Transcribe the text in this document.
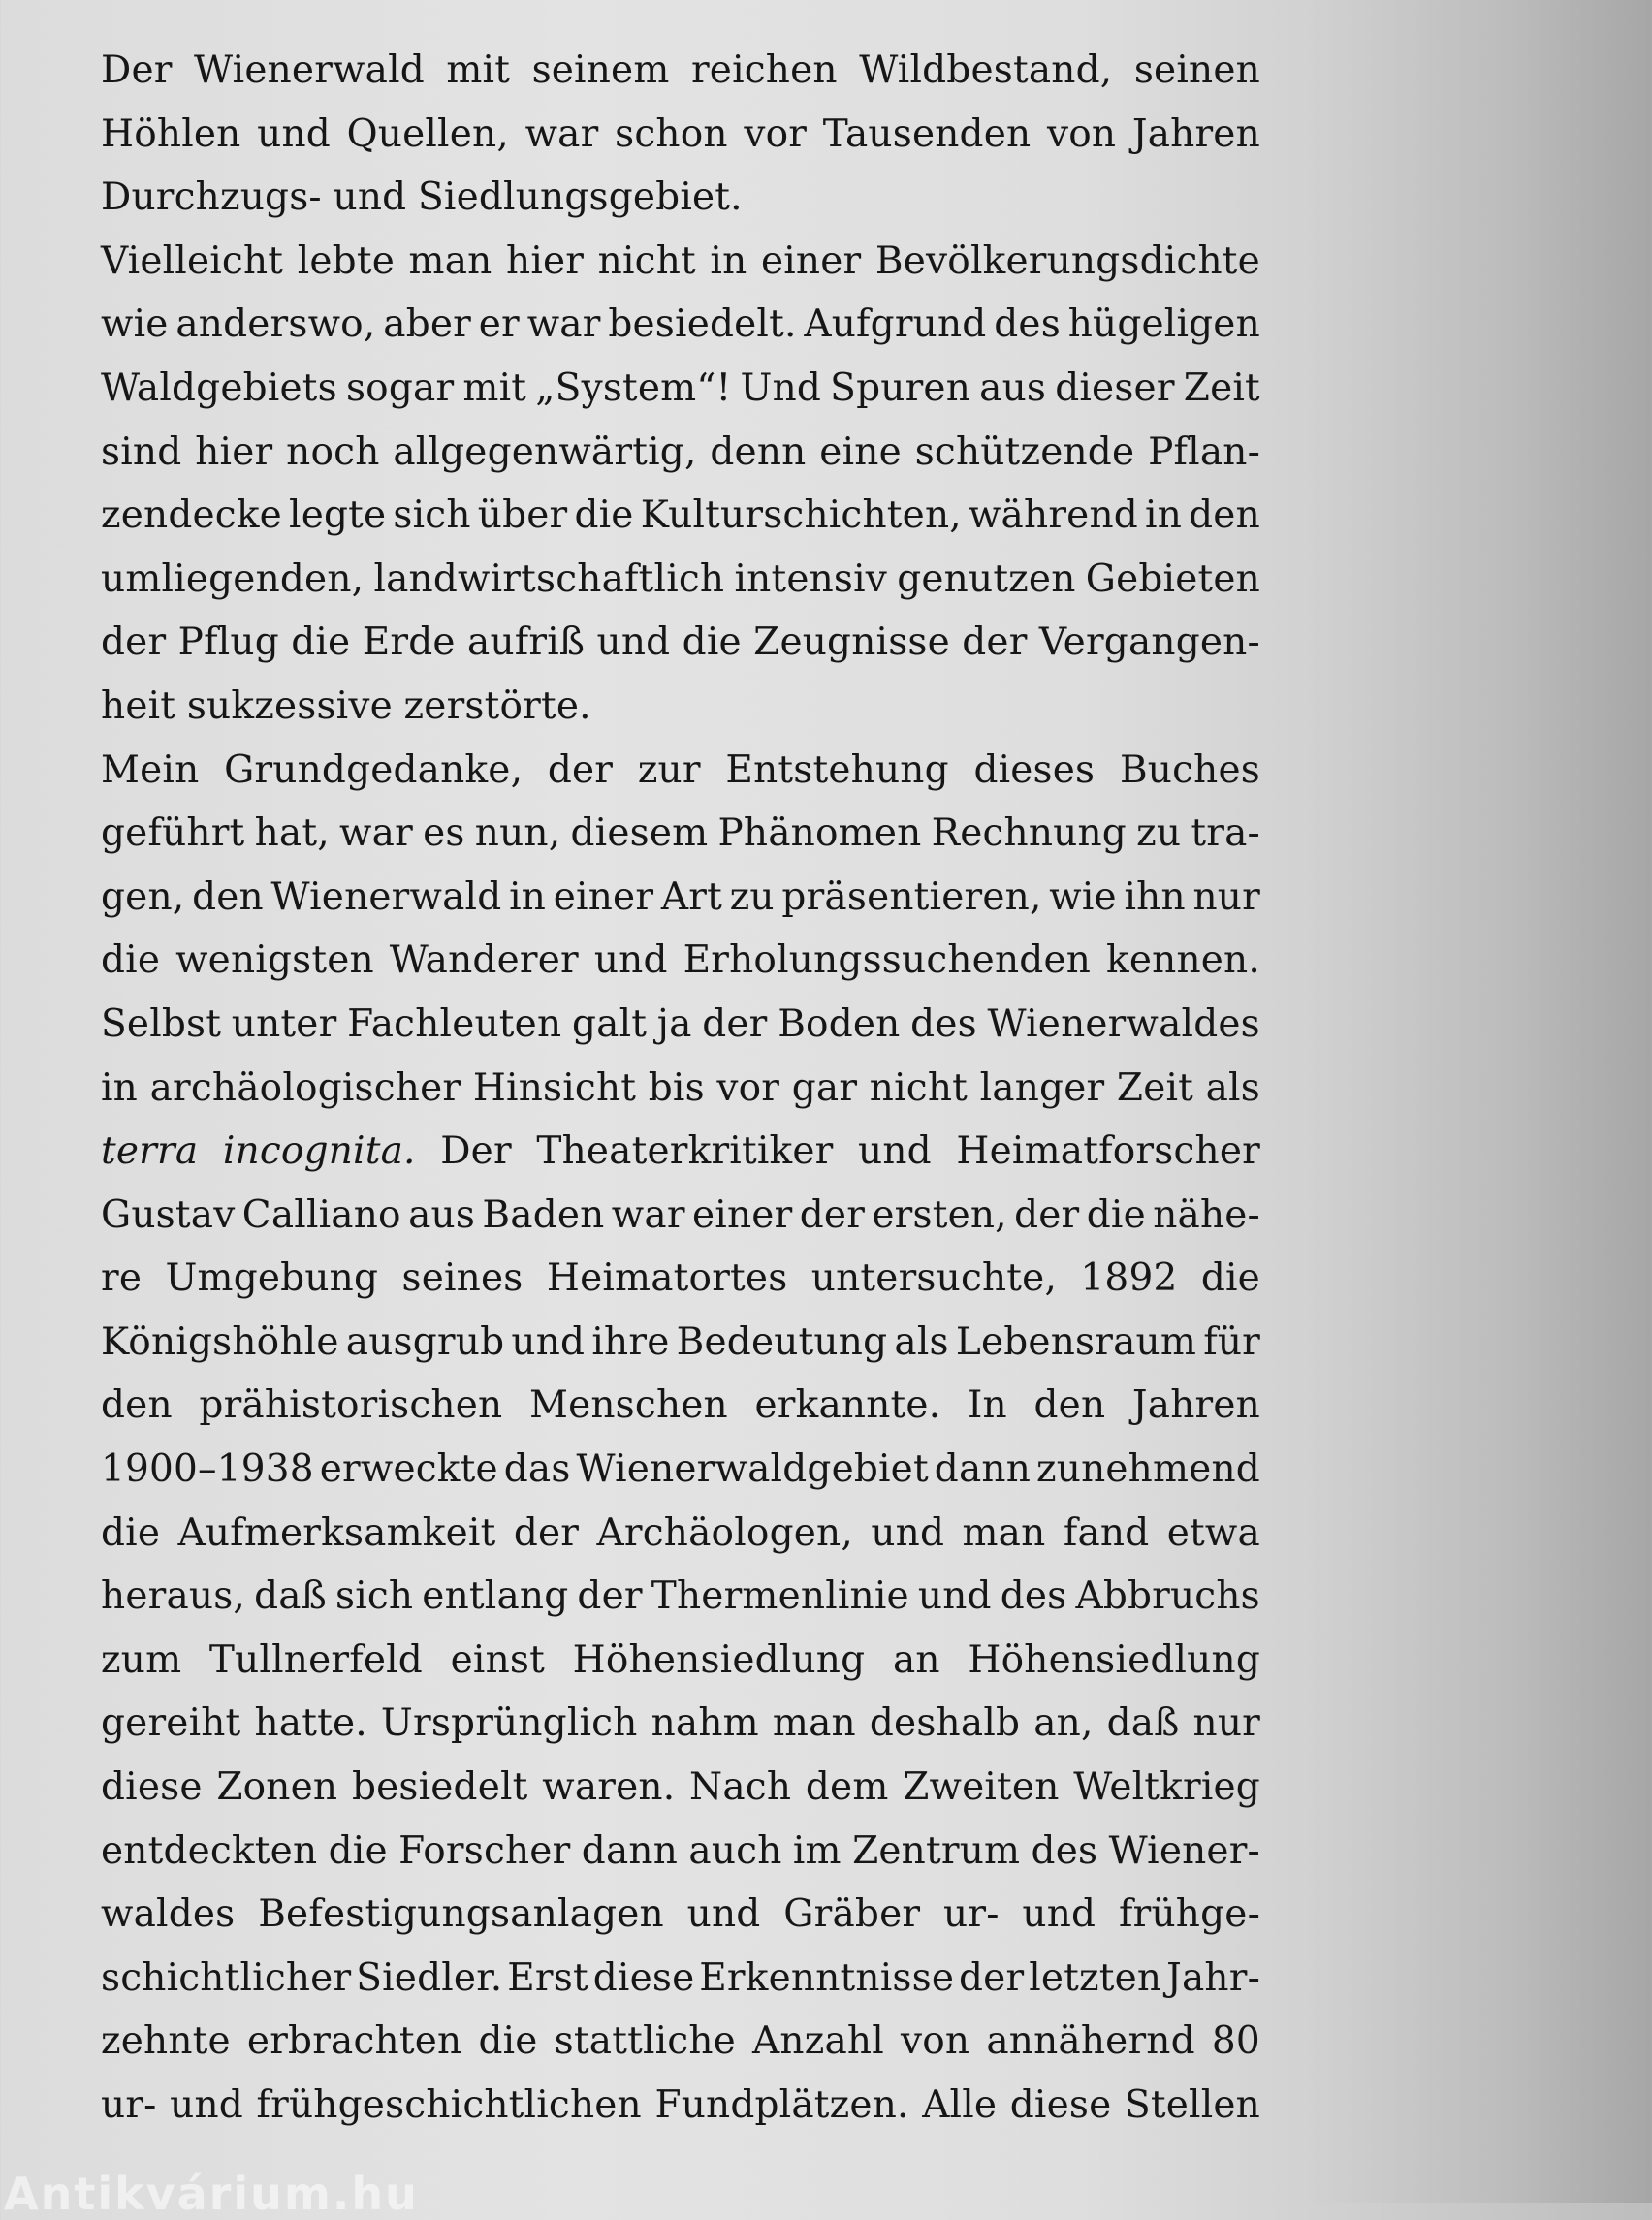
Der Wienerwald mit seinem reichen Wildbestand, seinen
Höhlen und Quellen, war schon vor Tausenden von Jahren
Durchzugs- und Siedlungsgebiet.
Vielleicht lebte man hier nicht in einer Bevölkerungsdichte
wie anderswo, aber er war besiedelt. Aufgrund des hügeligen
Waldgebiets sogar mit „System“! Und Spuren aus dieser Zeit
sind hier noch allgegenwärtig, denn eine schützende Pflan-
zendecke legte sich über die Kulturschichten, während in den
umliegenden, landwirtschaftlich intensiv genutzen Gebieten
der Pflug die Erde aufriß und die Zeugnisse der Vergangen-
heit sukzessive zerstörte.
Mein Grundgedanke, der zur Entstehung dieses Buches
geführt hat, war es nun, diesem Phänomen Rechnung zu tra-
gen, den Wienerwald in einer Art zu präsentieren, wie ihn nur
die wenigsten Wanderer und Erholungssuchenden kennen.
Selbst unter Fachleuten galt ja der Boden des Wienerwaldes
in archäologischer Hinsicht bis vor gar nicht langer Zeit als
terra incognita. Der Theaterkritiker und Heimatforscher
Gustav Calliano aus Baden war einer der ersten, der die nähe-
re Umgebung seines Heimatortes untersuchte, 1892 die
Königshöhle ausgrub und ihre Bedeutung als Lebensraum für
den prähistorischen Menschen erkannte. In den Jahren
1900–1938 erweckte das Wienerwaldgebiet dann zunehmend
die Aufmerksamkeit der Archäologen, und man fand etwa
heraus, daß sich entlang der Thermenlinie und des Abbruchs
zum Tullnerfeld einst Höhensiedlung an Höhensiedlung
gereiht hatte. Ursprünglich nahm man deshalb an, daß nur
diese Zonen besiedelt waren. Nach dem Zweiten Weltkrieg
entdeckten die Forscher dann auch im Zentrum des Wiener-
waldes Befestigungsanlagen und Gräber ur- und frühge-
schichtlicher Siedler. Erst diese Erkenntnisse der letzten Jahr-
zehnte erbrachten die stattliche Anzahl von annähernd 80
ur- und frühgeschichtlichen Fundplätzen. Alle diese Stellen
Antikvárium.hu
